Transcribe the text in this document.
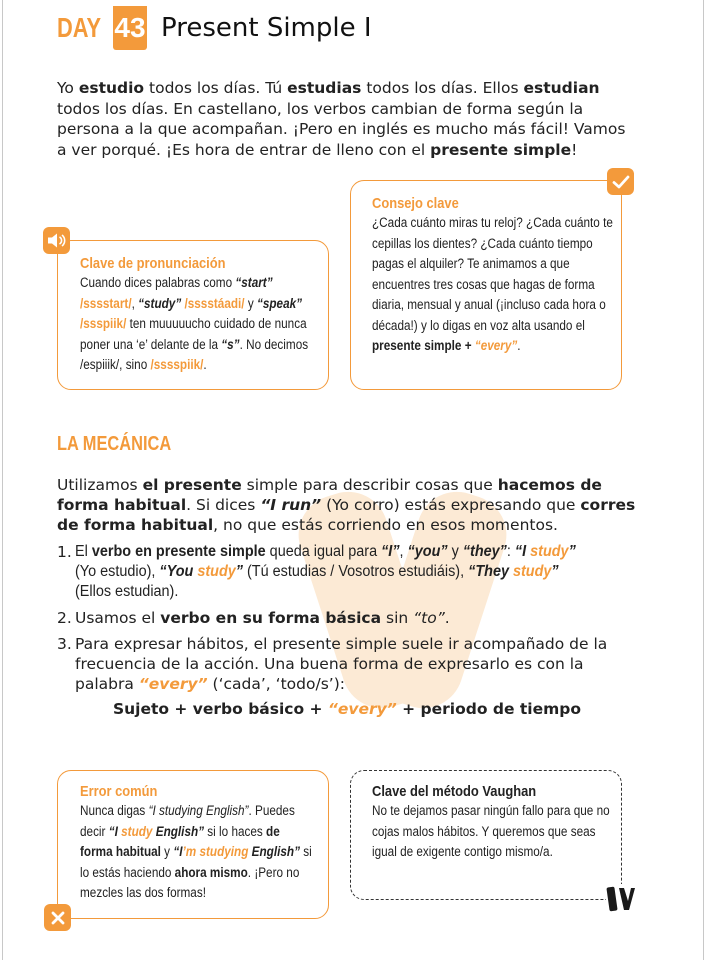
DAY 43 Present Simple I
Yo estudio todos los días. Tú estudias todos los días. Ellos estudian todos los días. En castellano, los verbos cambian de forma según la persona a la que acompañan. ¡Pero en inglés es mucho más fácil! Vamos a ver porqué. ¡Es hora de entrar de lleno con el presente simple!
Clave de pronunciación
Cuando dices palabras como “start” /sssstart/, “study” /sssstáadi/ y “speak” /ssspiik/ ten muuuuucho cuidado de nunca poner una ‘e’ delante de la “s”. No decimos /espiiik/, sino /sssspiik/.
Consejo clave
¿Cada cuánto miras tu reloj? ¿Cada cuánto te cepillas los dientes? ¿Cada cuánto tiempo pagas el alquiler? Te animamos a que encuentres tres cosas que hagas de forma diaria, mensual y anual (¡incluso cada hora o década!) y lo digas en voz alta usando el presente simple + “every”.
LA MECÁNICA
Utilizamos el presente simple para describir cosas que hacemos de forma habitual. Si dices “I run” (Yo corro) estás expresando que corres de forma habitual, no que estás corriendo en esos momentos.
1. El verbo en presente simple queda igual para “I”, “you” y “they”: “I study” (Yo estudio), “You study” (Tú estudias / Vosotros estudiáis), “They study” (Ellos estudian).
2. Usamos el verbo en su forma básica sin “to”.
3. Para expresar hábitos, el presente simple suele ir acompañado de la frecuencia de la acción. Una buena forma de expresarlo es con la palabra “every” (‘cada’, ‘todo/s’):
Sujeto + verbo básico + “every” + periodo de tiempo
Error común
Nunca digas “I studying English”. Puedes decir “I study English” si lo haces de forma habitual y “I’m studying English” si lo estás haciendo ahora mismo. ¡Pero no mezcles las dos formas!
Clave del método Vaughan
No te dejamos pasar ningún fallo para que no cojas malos hábitos. Y queremos que seas igual de exigente contigo mismo/a.
